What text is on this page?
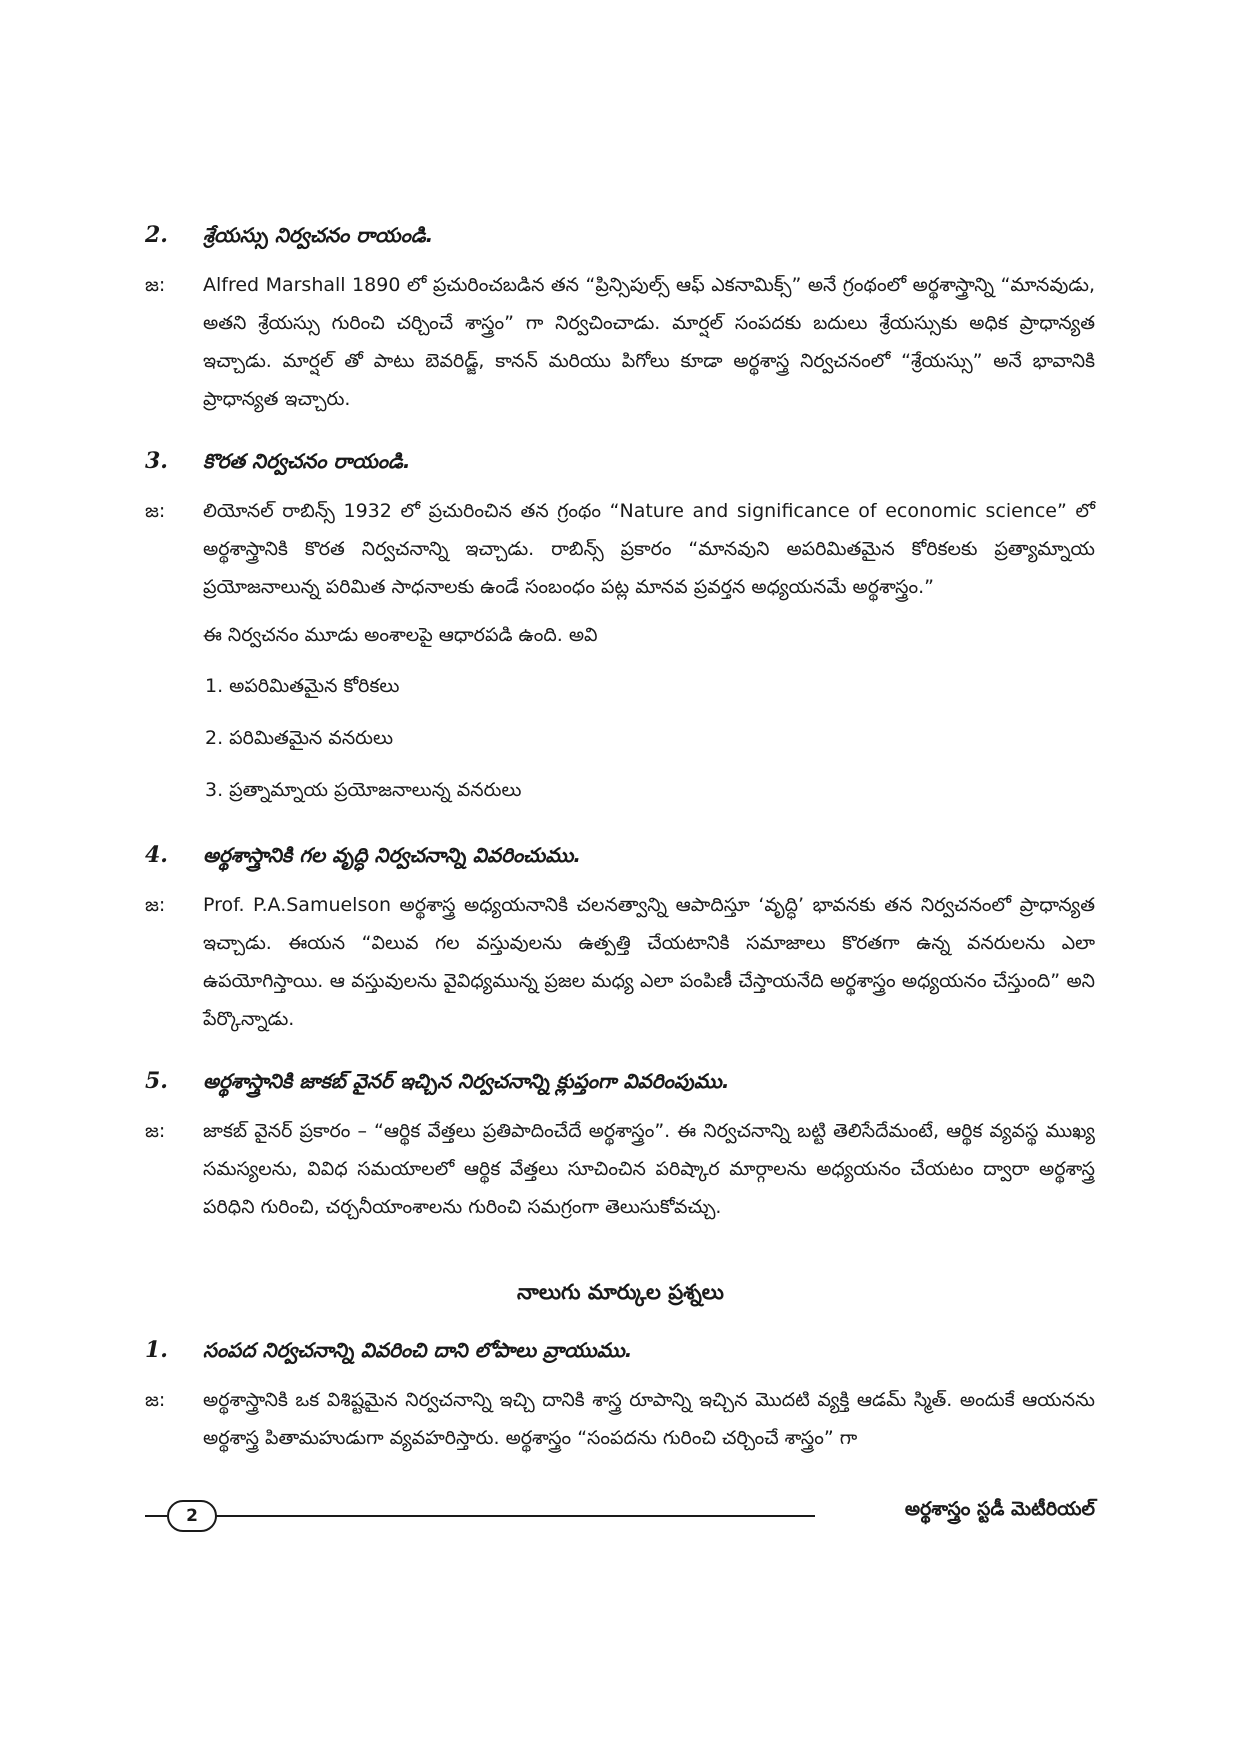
2.	శ్రేయస్సు నిర్వచనం రాయండి.
జ:	Alfred Marshall 1890 లో ప్రచురించబడిన తన “ప్రిన్సిపుల్స్ ఆఫ్ ఎకనామిక్స్” అనే గ్రంథంలో అర్థశాస్త్రాన్ని “మానవుడు, అతని శ్రేయస్సు గురించి చర్చించే శాస్త్రం” గా నిర్వచించాడు. మార్షల్ సంపదకు బదులు శ్రేయస్సుకు అధిక ప్రాధాన్యత ఇచ్చాడు. మార్షల్ తో పాటు బెవరిడ్జ్, కానన్ మరియు పిగోలు కూడా అర్థశాస్త్ర నిర్వచనంలో “శ్రేయస్సు” అనే భావానికి ప్రాధాన్యత ఇచ్చారు.

3.	కొరత నిర్వచనం రాయండి.
జ:	లియోనల్ రాబిన్స్ 1932 లో ప్రచురించిన తన గ్రంథం “Nature and significance of economic science” లో అర్థశాస్త్రానికి కొరత నిర్వచనాన్ని ఇచ్చాడు. రాబిన్స్ ప్రకారం “మానవుని అపరిమితమైన కోరికలకు ప్రత్యామ్నాయ ప్రయోజనాలున్న పరిమిత సాధనాలకు ఉండే సంబంధం పట్ల మానవ ప్రవర్తన అధ్యయనమే అర్థశాస్త్రం.”

ఈ నిర్వచనం మూడు అంశాలపై ఆధారపడి ఉంది. అవి

1. అపరిమితమైన కోరికలు
2. పరిమితమైన వనరులు
3. ప్రత్నామ్నాయ ప్రయోజనాలున్న వనరులు
4.	అర్థశాస్త్రానికి గల వృద్ధి నిర్వచనాన్ని వివరించుము.
జ:	Prof. P.A.Samuelson అర్థశాస్త్ర అధ్యయనానికి చలనత్వాన్ని ఆపాదిస్తూ ‘వృద్ధి’ భావనకు తన నిర్వచనంలో ప్రాధాన్యత ఇచ్చాడు. ఈయన “విలువ గల వస్తువులను ఉత్పత్తి చేయటానికి సమాజాలు కొరతగా ఉన్న వనరులను ఎలా ఉపయోగిస్తాయి. ఆ వస్తువులను వైవిధ్యమున్న ప్రజల మధ్య ఎలా పంపిణీ చేస్తాయనేది అర్థశాస్త్రం అధ్యయనం చేస్తుంది” అని పేర్కొన్నాడు.

5.	అర్థశాస్త్రానికి జాకబ్ వైనర్ ఇచ్చిన నిర్వచనాన్ని క్లుప్తంగా వివరింపుము.
జ:	జాకబ్ వైనర్ ప్రకారం – “ఆర్థిక వేత్తలు ప్రతిపాదించేదే అర్థశాస్త్రం”. ఈ నిర్వచనాన్ని బట్టి తెలిసేదేమంటే, ఆర్థిక వ్యవస్థ ముఖ్య సమస్యలను, వివిధ సమయాలలో ఆర్థిక వేత్తలు సూచించిన పరిష్కార మార్గాలను అధ్యయనం చేయటం ద్వారా అర్థశాస్త్ర పరిధిని గురించి, చర్చనీయాంశాలను గురించి సమగ్రంగా తెలుసుకోవచ్చు.

నాలుగు మార్కుల ప్రశ్నలు
1.	సంపద నిర్వచనాన్ని వివరించి దాని లోపాలు వ్రాయుము.
జ:	అర్థశాస్త్రానికి ఒక విశిష్టమైన నిర్వచనాన్ని ఇచ్చి దానికి శాస్త్ర రూపాన్ని ఇచ్చిన మొదటి వ్యక్తి ఆడమ్ స్మిత్. అందుకే ఆయనను అర్థశాస్త్ర పితామహుడుగా వ్యవహరిస్తారు. అర్థశాస్త్రం “సంపదను గురించి చర్చించే శాస్త్రం” గా

2	అర్థశాస్త్రం స్టడీ మెటీరియల్
